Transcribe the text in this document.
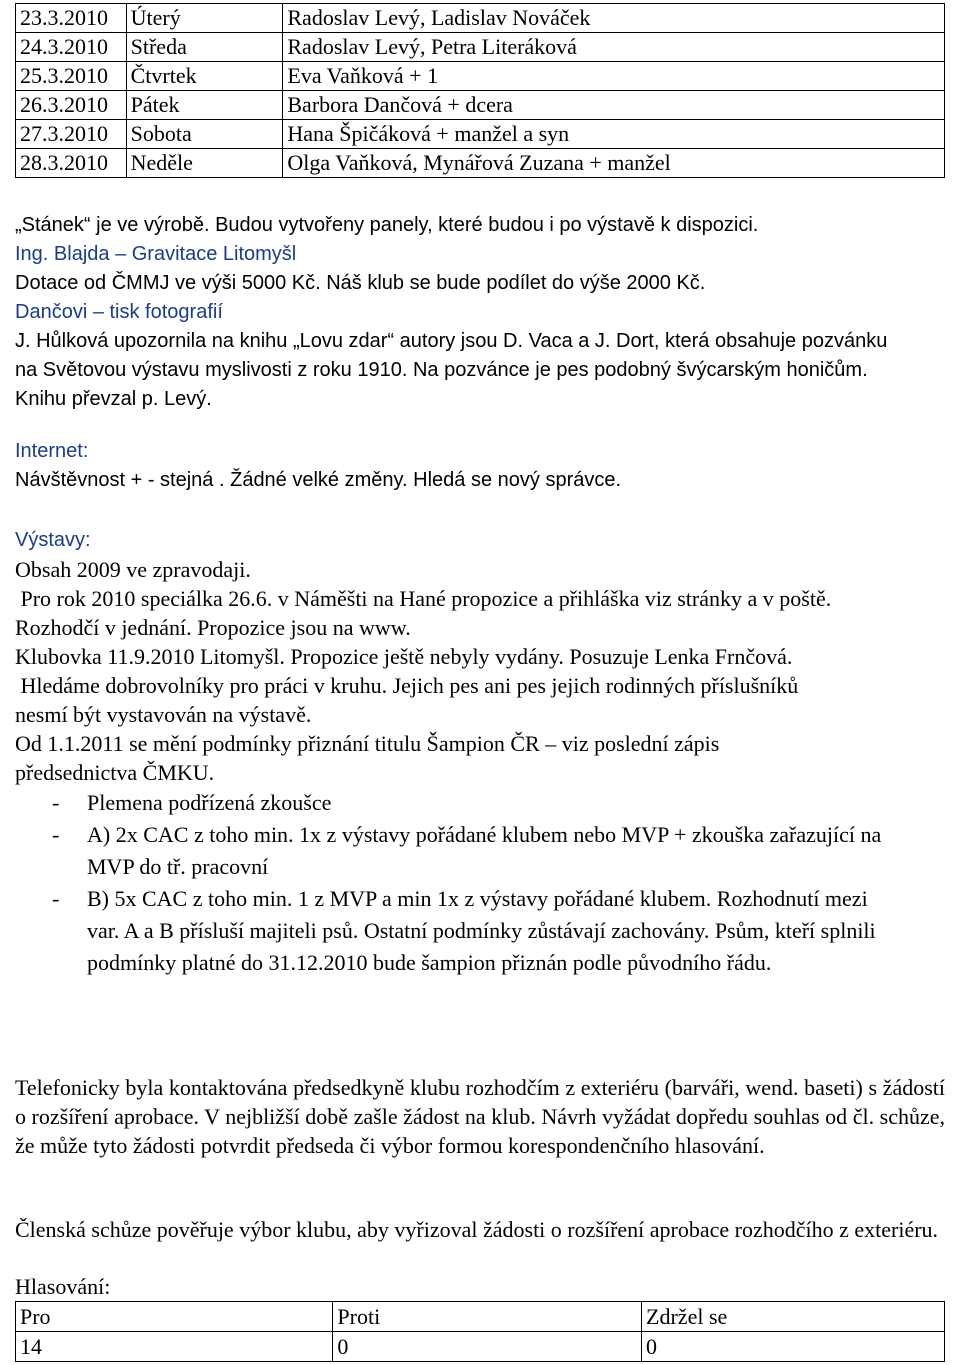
23.3.2010	Úterý	Radoslav Levý, Ladislav Nováček
24.3.2010	Středa	Radoslav Levý, Petra Literáková
25.3.2010	Čtvrtek	Eva Vaňková + 1
26.3.2010	Pátek	Barbora Dančová + dcera
27.3.2010	Sobota	Hana Špičáková + manžel a syn
28.3.2010	Neděle	Olga Vaňková, Mynářová Zuzana + manžel
„Stánek“ je ve výrobě. Budou vytvořeny panely, které budou i po výstavě k dispozici.
Ing. Blajda – Gravitace Litomyšl
Dotace od ČMMJ ve výši 5000 Kč. Náš klub se bude podílet do výše 2000 Kč.
Dančovi – tisk fotografií
J. Hůlková upozornila na knihu „Lovu zdar“ autory jsou D. Vaca a J. Dort, která obsahuje pozvánku na Světovou výstavu myslivosti z roku 1910. Na pozvánce je pes podobný švýcarským honičům. Knihu převzal p. Levý.
Internet:
Návštěvnost + - stejná . Žádné velké změny. Hledá se nový správce.
Výstavy:
Obsah 2009 ve zpravodaji.
Pro rok 2010 speciálka 26.6. v Náměšti na Hané propozice a přihláška viz stránky a v poště.
Rozhodčí v jednání. Propozice jsou na www.
Klubovka 11.9.2010 Litomyšl. Propozice ještě nebyly vydány. Posuzuje Lenka Frnčová.
Hledáme dobrovolníky pro práci v kruhu. Jejich pes ani pes jejich rodinných příslušníků
nesmí být vystavován na výstavě.
Od 1.1.2011 se mění podmínky přiznání titulu Šampion ČR – viz poslední zápis
předsednictva ČMKU.
- Plemena podřízená zkoušce
- A) 2x CAC z toho min. 1x z výstavy pořádané klubem nebo MVP + zkouška zařazující na MVP do tř. pracovní
- B) 5x CAC z toho min. 1 z MVP a min 1x z výstavy pořádané klubem. Rozhodnutí mezi var. A a B přísluší majiteli psů. Ostatní podmínky zůstávají zachovány. Psům, kteří splnili podmínky platné do 31.12.2010 bude šampion přiznán podle původního řádu.
Telefonicky byla kontaktována předsedkyně klubu rozhodčím z exteriéru (barváři, wend. baseti) s žádostí o rozšíření aprobace. V nejbližší době zašle žádost na klub. Návrh vyžádat dopředu souhlas od čl. schůze, že může tyto žádosti potvrdit předseda či výbor formou korespondenčního hlasování.
Členská schůze pověřuje výbor klubu, aby vyřizoval žádosti o rozšíření aprobace rozhodčího z exteriéru.
Hlasování:
Pro	Proti	Zdržel se
14	0	0
